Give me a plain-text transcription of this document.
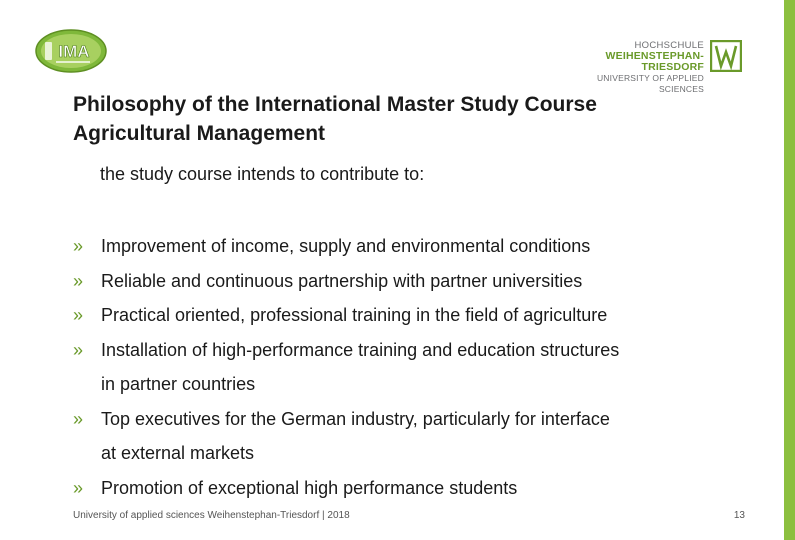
IMA	HOCHSCHULE
WEIHENSTEPHAN-TRIESDORF
UNIVERSITY OF APPLIED SCIENCES
Philosophy of the International Master Study Course
Agricultural Management

the study course intends to contribute to:

» Improvement of income, supply and environmental conditions
» Reliable and continuous partnership with partner universities
» Practical oriented, professional training in the field of agriculture
» Installation of high-performance training and education structures
in partner countries
» Top executives for the German industry, particularly for interface
at external markets
» Promotion of exceptional high performance students
University of applied sciences Weihenstephan-Triesdorf | 2018	13
